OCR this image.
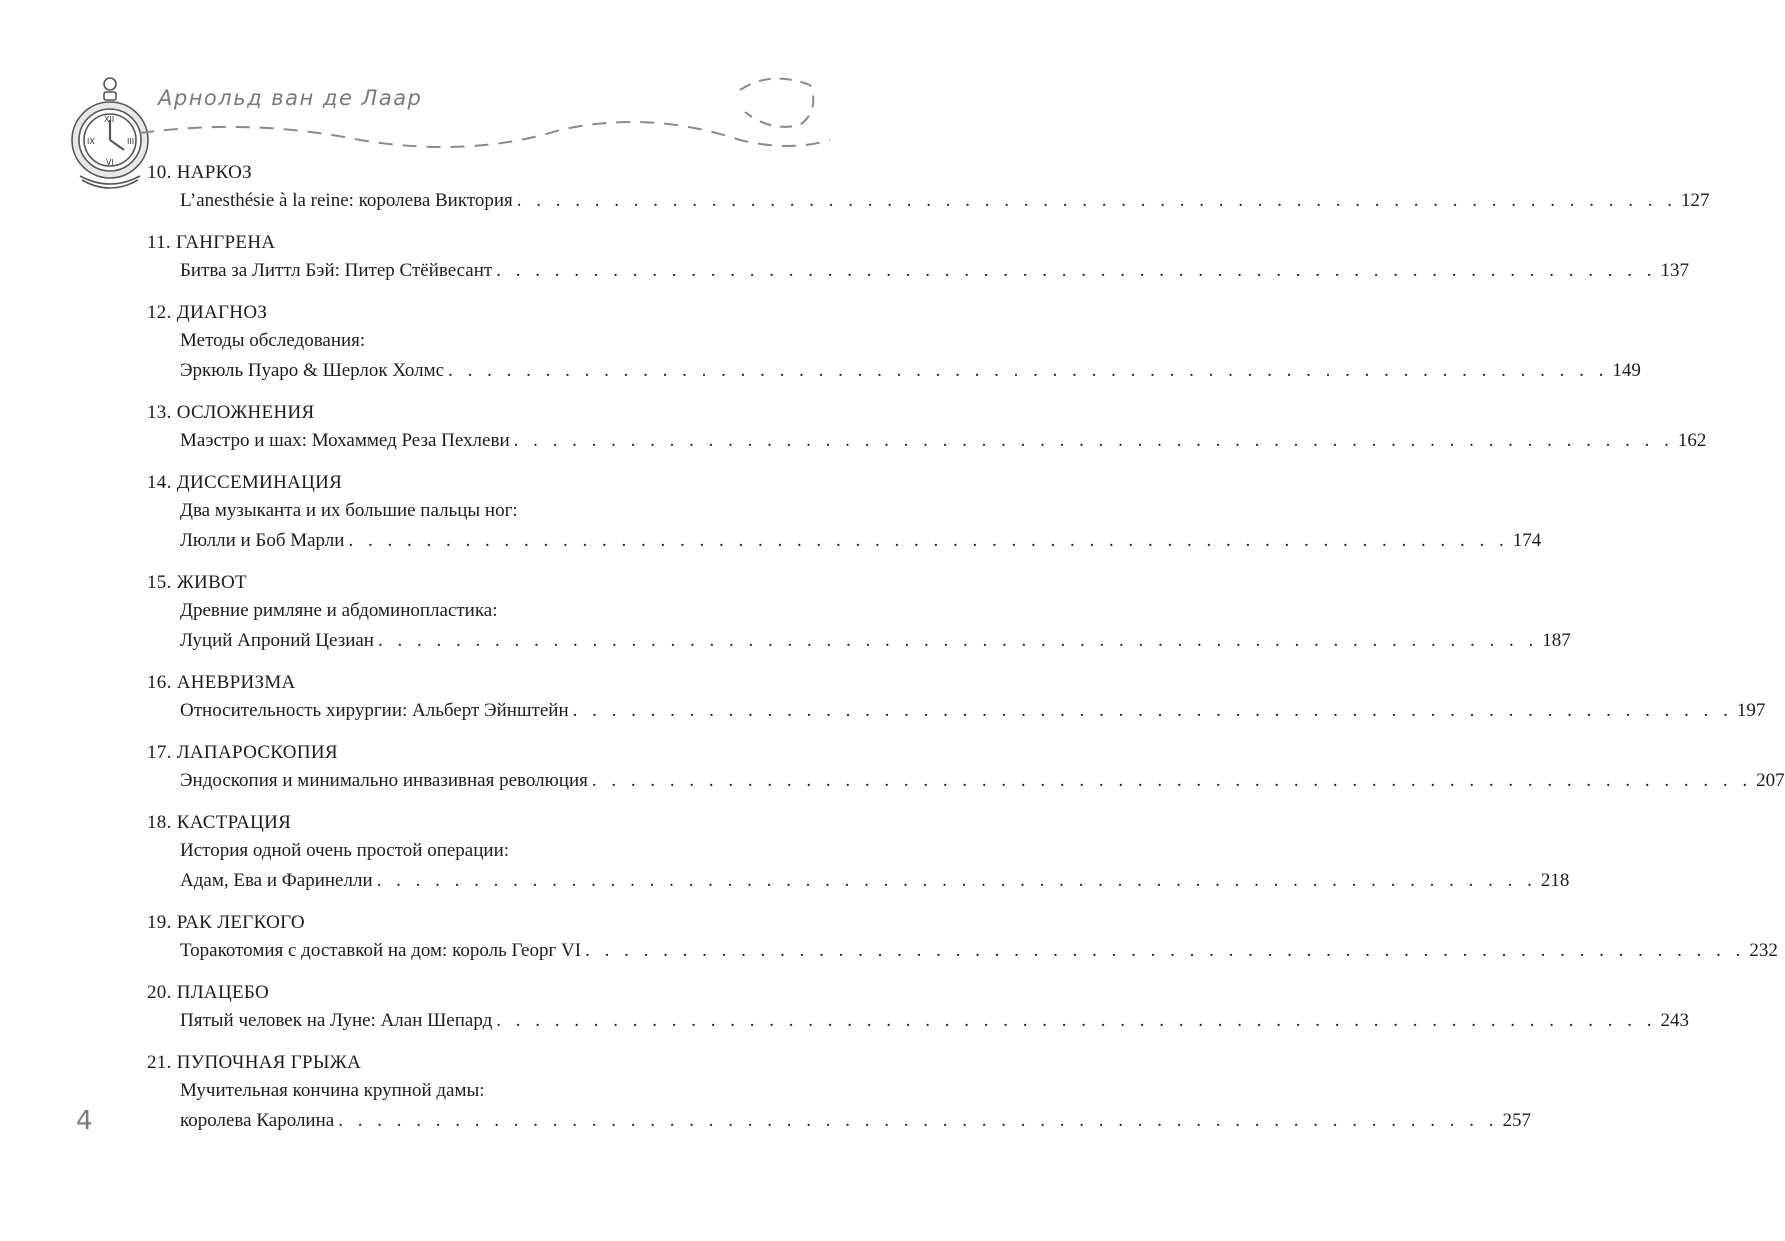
XII
III
VI
IX
Арнольд ван де Лаар
10. НАРКОЗ
L’anesthésie à la reine: королева Виктория . . . . . . . . . . . . . . . . . . . . . . . . . . . . . . . . . . . . . . . . . . . . . . . . . . . . . . . . . . . . 127
11. ГАНГРЕНА
Битва за Литтл Бэй: Питер Стёйвесант . . . . . . . . . . . . . . . . . . . . . . . . . . . . . . . . . . . . . . . . . . . . . . . . . . . . . . . . . . . . 137
12. ДИАГНОЗ
Методы обследования:
Эркюль Пуаро & Шерлок Холмс . . . . . . . . . . . . . . . . . . . . . . . . . . . . . . . . . . . . . . . . . . . . . . . . . . . . . . . . . . . . 149
13. ОСЛОЖНЕНИЯ
Маэстро и шах: Мохаммед Реза Пехлеви . . . . . . . . . . . . . . . . . . . . . . . . . . . . . . . . . . . . . . . . . . . . . . . . . . . . . . . . . . . . 162
14. ДИССЕМИНАЦИЯ
Два музыканта и их большие пальцы ног:
Люлли и Боб Марли . . . . . . . . . . . . . . . . . . . . . . . . . . . . . . . . . . . . . . . . . . . . . . . . . . . . . . . . . . . . 174
15. ЖИВОТ
Древние римляне и абдоминопластика:
Луций Апроний Цезиан . . . . . . . . . . . . . . . . . . . . . . . . . . . . . . . . . . . . . . . . . . . . . . . . . . . . . . . . . . . . 187
16. АНЕВРИЗМА
Относительность хирургии: Альберт Эйнштейн . . . . . . . . . . . . . . . . . . . . . . . . . . . . . . . . . . . . . . . . . . . . . . . . . . . . . . . . . . . . 197
17. ЛАПАРОСКОПИЯ
Эндоскопия и минимально инвазивная революция . . . . . . . . . . . . . . . . . . . . . . . . . . . . . . . . . . . . . . . . . . . . . . . . . . . . . . . . . . . . 207
18. КАСТРАЦИЯ
История одной очень простой операции:
Адам, Ева и Фаринелли . . . . . . . . . . . . . . . . . . . . . . . . . . . . . . . . . . . . . . . . . . . . . . . . . . . . . . . . . . . . 218
19. РАК ЛЕГКОГО
Торакотомия с доставкой на дом: король Георг VI . . . . . . . . . . . . . . . . . . . . . . . . . . . . . . . . . . . . . . . . . . . . . . . . . . . . . . . . . . . . 232
20. ПЛАЦЕБО
Пятый человек на Луне: Алан Шепард . . . . . . . . . . . . . . . . . . . . . . . . . . . . . . . . . . . . . . . . . . . . . . . . . . . . . . . . . . . . 243
21. ПУПОЧНАЯ ГРЫЖА
Мучительная кончина крупной дамы:
королева Каролина . . . . . . . . . . . . . . . . . . . . . . . . . . . . . . . . . . . . . . . . . . . . . . . . . . . . . . . . . . . . 257
4
